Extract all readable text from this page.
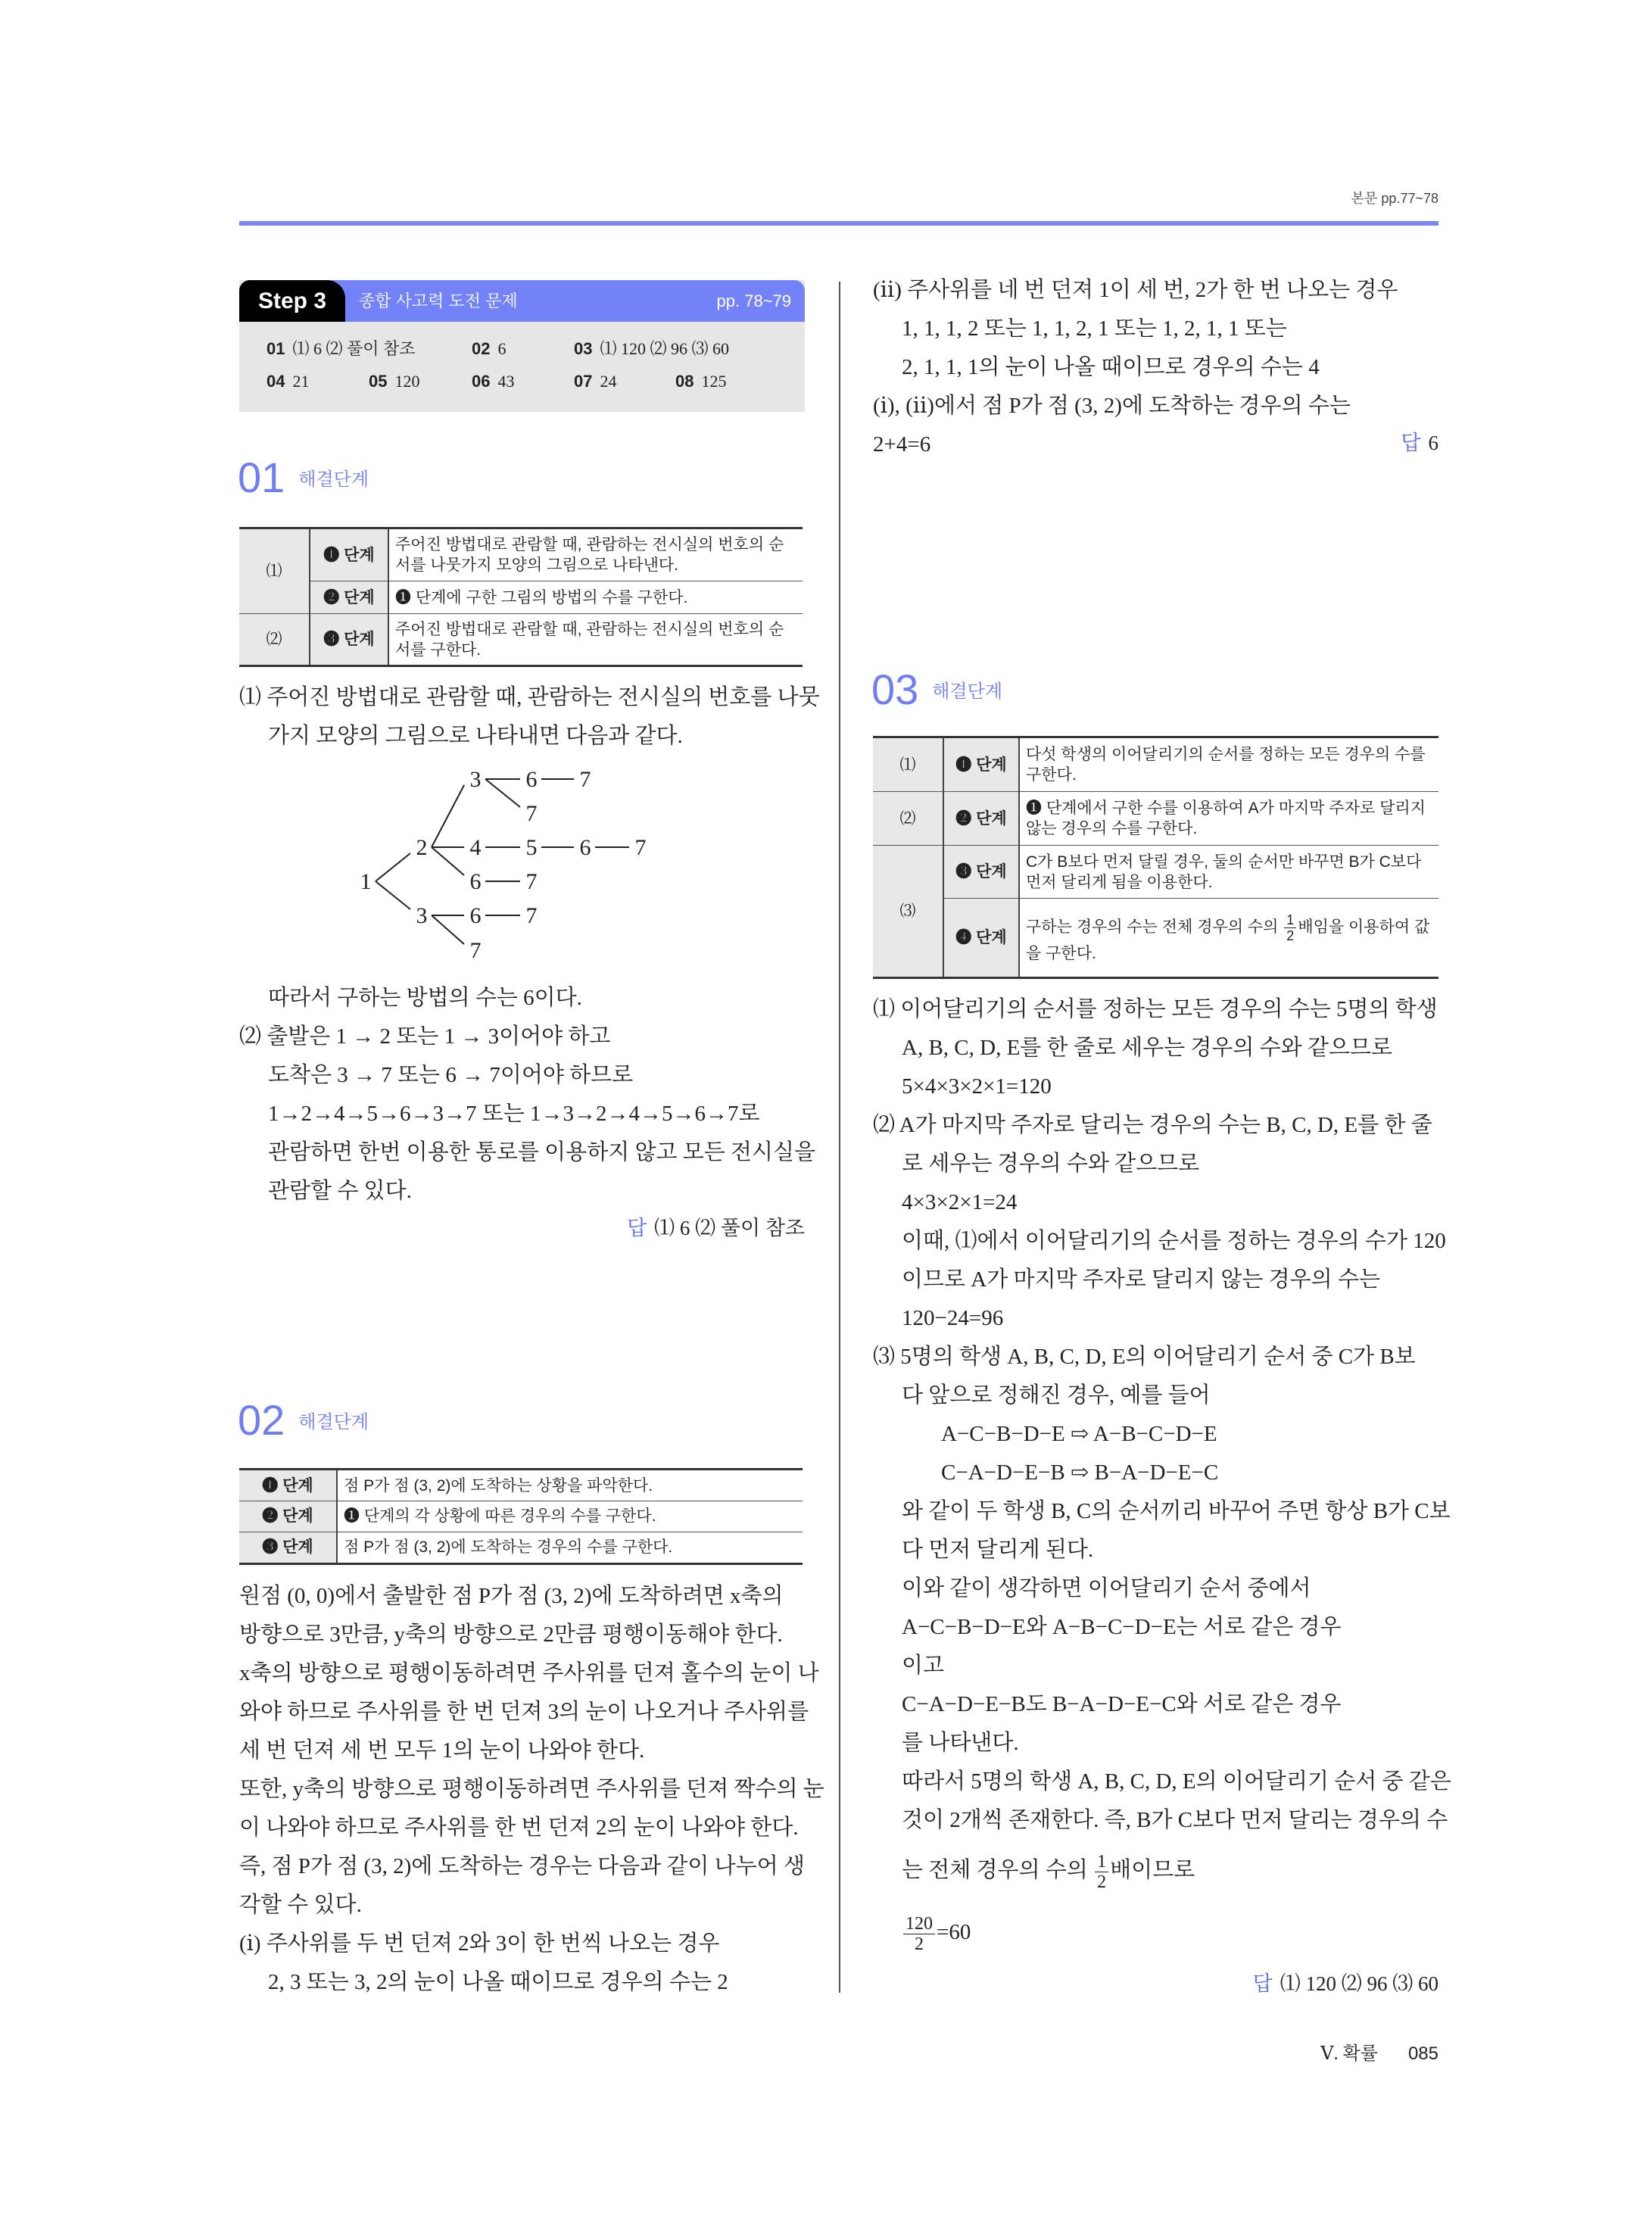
본문 pp.77~78
Step 3	종합 사고력 도전 문제	pp. 78~79
01 ⑴ 6 ⑵ 풀이 참조	02 6	03 ⑴ 120 ⑵ 96 ⑶ 60
04 21	05 120	06 43	07 24	08 125
01 해결단계
⑴	❶ 단계	주어진 방법대로 관람할 때, 관람하는 전시실의 번호의 순서를 나뭇가지 모양의 그림으로 나타낸다.
	❷ 단계	❶ 단계에 구한 그림의 방법의 수를 구한다.
⑵	❸ 단계	주어진 방법대로 관람할 때, 관람하는 전시실의 번호의 순서를 구한다.
⑴ 주어진 방법대로 관람할 때, 관람하는 전시실의 번호를 나뭇
가지 모양의 그림으로 나타내면 다음과 같다.
1
2
3 6 7
7
4 5 6 7
6 7
3 6 7
7
따라서 구하는 방법의 수는 6이다.
⑵ 출발은 1 → 2 또는 1 → 3이어야 하고
도착은 3 → 7 또는 6 → 7이어야 하므로
1→2→4→5→6→3→7 또는 1→3→2→4→5→6→7로
관람하면 한번 이용한 통로를 이용하지 않고 모든 전시실을
관람할 수 있다.
답 ⑴ 6 ⑵ 풀이 참조
02 해결단계
❶ 단계	점 P가 점 (3, 2)에 도착하는 상황을 파악한다.
❷ 단계	❶ 단계의 각 상황에 따른 경우의 수를 구한다.
❸ 단계	점 P가 점 (3, 2)에 도착하는 경우의 수를 구한다.
원점 (0, 0)에서 출발한 점 P가 점 (3, 2)에 도착하려면 x축의
방향으로 3만큼, y축의 방향으로 2만큼 평행이동해야 한다.
x축의 방향으로 평행이동하려면 주사위를 던져 홀수의 눈이 나
와야 하므로 주사위를 한 번 던져 3의 눈이 나오거나 주사위를
세 번 던져 세 번 모두 1의 눈이 나와야 한다.
또한, y축의 방향으로 평행이동하려면 주사위를 던져 짝수의 눈
이 나와야 하므로 주사위를 한 번 던져 2의 눈이 나와야 한다.
즉, 점 P가 점 (3, 2)에 도착하는 경우는 다음과 같이 나누어 생
각할 수 있다.
(ⅰ) 주사위를 두 번 던져 2와 3이 한 번씩 나오는 경우
2, 3 또는 3, 2의 눈이 나올 때이므로 경우의 수는 2
(ⅱ) 주사위를 네 번 던져 1이 세 번, 2가 한 번 나오는 경우
1, 1, 1, 2 또는 1, 1, 2, 1 또는 1, 2, 1, 1 또는
2, 1, 1, 1의 눈이 나올 때이므로 경우의 수는 4
(ⅰ), (ⅱ)에서 점 P가 점 (3, 2)에 도착하는 경우의 수는
2+4=6	답 6
03 해결단계
⑴	❶ 단계	다섯 학생의 이어달리기의 순서를 정하는 모든 경우의 수를 구한다.
⑵	❷ 단계	❶ 단계에서 구한 수를 이용하여 A가 마지막 주자로 달리지 않는 경우의 수를 구한다.
⑶	❸ 단계	C가 B보다 먼저 달릴 경우, 둘의 순서만 바꾸면 B가 C보다 먼저 달리게 됨을 이용한다.
	❹ 단계	구하는 경우의 수는 전체 경우의 수의 $\frac{1}{2}$ 배임을 이용하여 값을 구한다.
⑴ 이어달리기의 순서를 정하는 모든 경우의 수는 5명의 학생
A, B, C, D, E를 한 줄로 세우는 경우의 수와 같으므로
5×4×3×2×1=120
⑵ A가 마지막 주자로 달리는 경우의 수는 B, C, D, E를 한 줄
로 세우는 경우의 수와 같으므로
4×3×2×1=24
이때, ⑴에서 이어달리기의 순서를 정하는 경우의 수가 120
이므로 A가 마지막 주자로 달리지 않는 경우의 수는
120−24=96
⑶ 5명의 학생 A, B, C, D, E의 이어달리기 순서 중 C가 B보
다 앞으로 정해진 경우, 예를 들어
A−C−B−D−E ⇨ A−B−C−D−E
C−A−D−E−B ⇨ B−A−D−E−C
와 같이 두 학생 B, C의 순서끼리 바꾸어 주면 항상 B가 C보
다 먼저 달리게 된다.
이와 같이 생각하면 이어달리기 순서 중에서
A−C−B−D−E와 A−B−C−D−E는 서로 같은 경우
이고
C−A−D−E−B도 B−A−D−E−C와 서로 같은 경우
를 나타낸다.
따라서 5명의 학생 A, B, C, D, E의 이어달리기 순서 중 같은
것이 2개씩 존재한다. 즉, B가 C보다 먼저 달리는 경우의 수
는 전체 경우의 수의 $\frac{1}{2}$ 배이므로
$\frac{120}{2} =60$
답 ⑴ 120 ⑵ 96 ⑶ 60
Ⅴ. 확률 085
